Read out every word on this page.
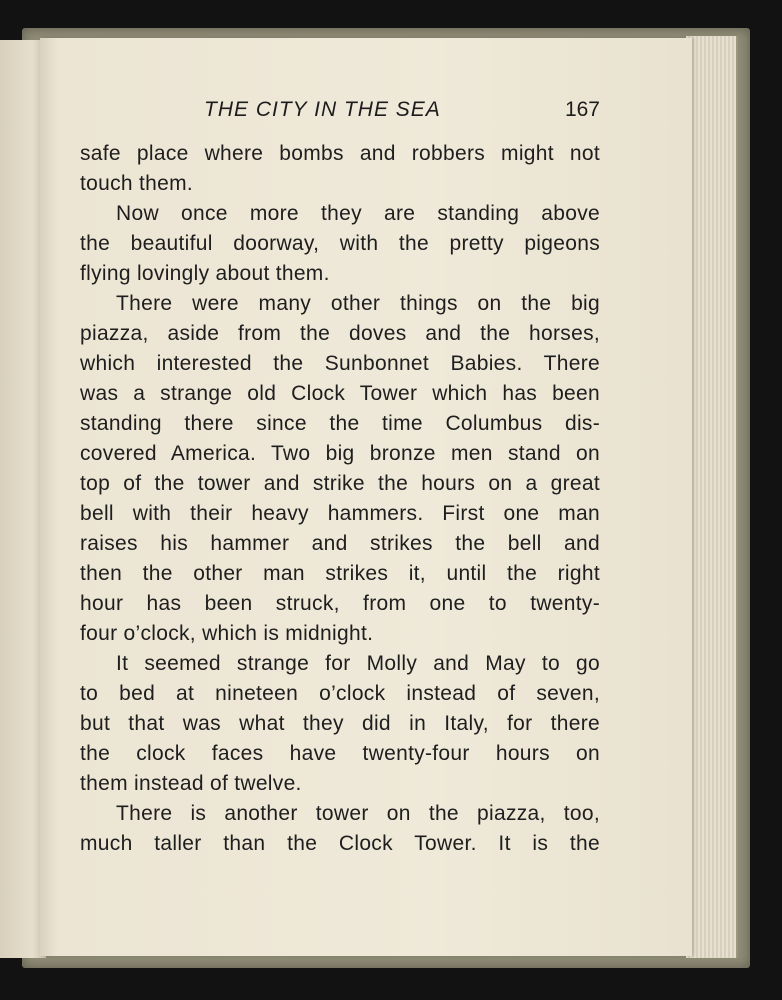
THE CITY IN THE SEA	167
safe place where bombs and robbers might not
touch them.
Now once more they are standing above
the beautiful doorway, with the pretty pigeons
flying lovingly about them.
There were many other things on the big
piazza, aside from the doves and the horses,
which interested the Sunbonnet Babies. There
was a strange old Clock Tower which has been
standing there since the time Columbus dis-
covered America. Two big bronze men stand on
top of the tower and strike the hours on a great
bell with their heavy hammers. First one man
raises his hammer and strikes the bell and
then the other man strikes it, until the right
hour has been struck, from one to twenty-
four o’clock, which is midnight.
It seemed strange for Molly and May to go
to bed at nineteen o’clock instead of seven,
but that was what they did in Italy, for there
the clock faces have twenty-four hours on
them instead of twelve.
There is another tower on the piazza, too,
much taller than the Clock Tower. It is the
